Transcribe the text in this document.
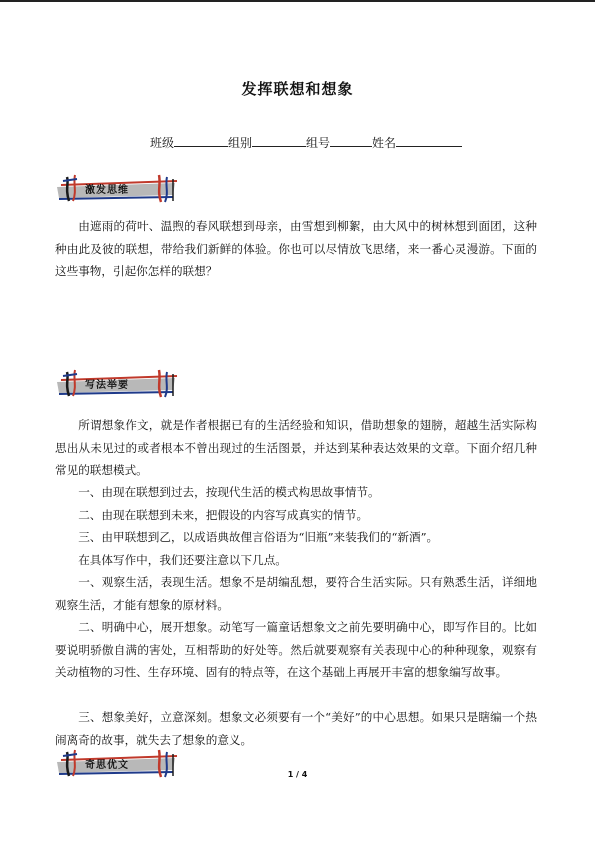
发挥联想和想象
班级	组别	组号	姓名
激发思维
由遮雨的荷叶、温煦的春风联想到母亲，由雪想到柳絮，由大风中的树林想到面团，这种种由此及彼的联想，带给我们新鲜的体验。你也可以尽情放飞思绪，来一番心灵漫游。下面的这些事物，引起你怎样的联想？
写法举要
所谓想象作文，就是作者根据已有的生活经验和知识，借助想象的翅膀，超越生活实际构思出从未见过的或者根本不曾出现过的生活图景，并达到某种表达效果的文章。下面介绍几种常见的联想模式。
一、由现在联想到过去，按现代生活的模式构思故事情节。
二、由现在联想到未来，把假设的内容写成真实的情节。
三、由甲联想到乙，以成语典故俚言俗语为“旧瓶”来装我们的“新酒”。
在具体写作中，我们还要注意以下几点。
一、观察生活，表现生活。想象不是胡编乱想，要符合生活实际。只有熟悉生活，详细地观察生活，才能有想象的原材料。
二、明确中心，展开想象。动笔写一篇童话想象文之前先要明确中心，即写作目的。比如要说明骄傲自满的害处，互相帮助的好处等。然后就要观察有关表现中心的种种现象，观察有关动植物的习性、生存环境、固有的特点等，在这个基础上再展开丰富的想象编写故事。
三、想象美好，立意深刻。想象文必须要有一个“美好”的中心思想。如果只是瞎编一个热闹离奇的故事，就失去了想象的意义。
奇思优文
1 / 4
